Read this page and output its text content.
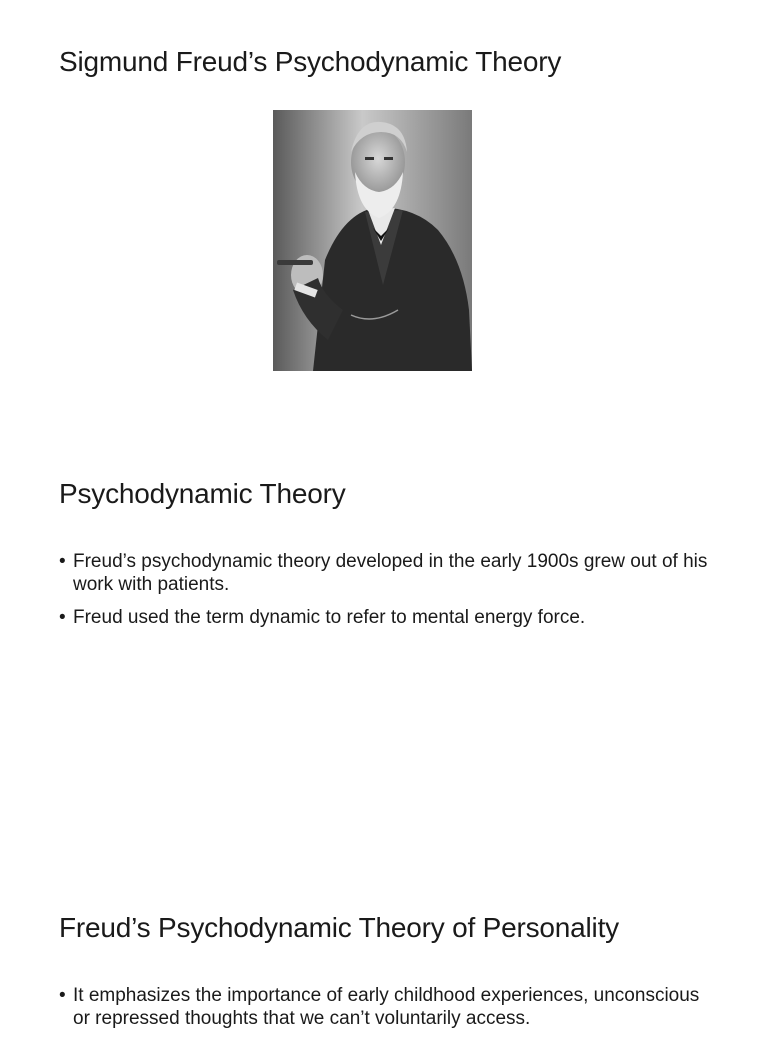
Sigmund Freud’s Psychodynamic Theory
Psychodynamic Theory
• Freud’s psychodynamic theory developed in the early 1900s grew out of his work with patients.
• Freud used the term dynamic to refer to mental energy force.
Freud’s Psychodynamic Theory of Personality
• It emphasizes the importance of early childhood experiences, unconscious or repressed thoughts that we can’t voluntarily access.
